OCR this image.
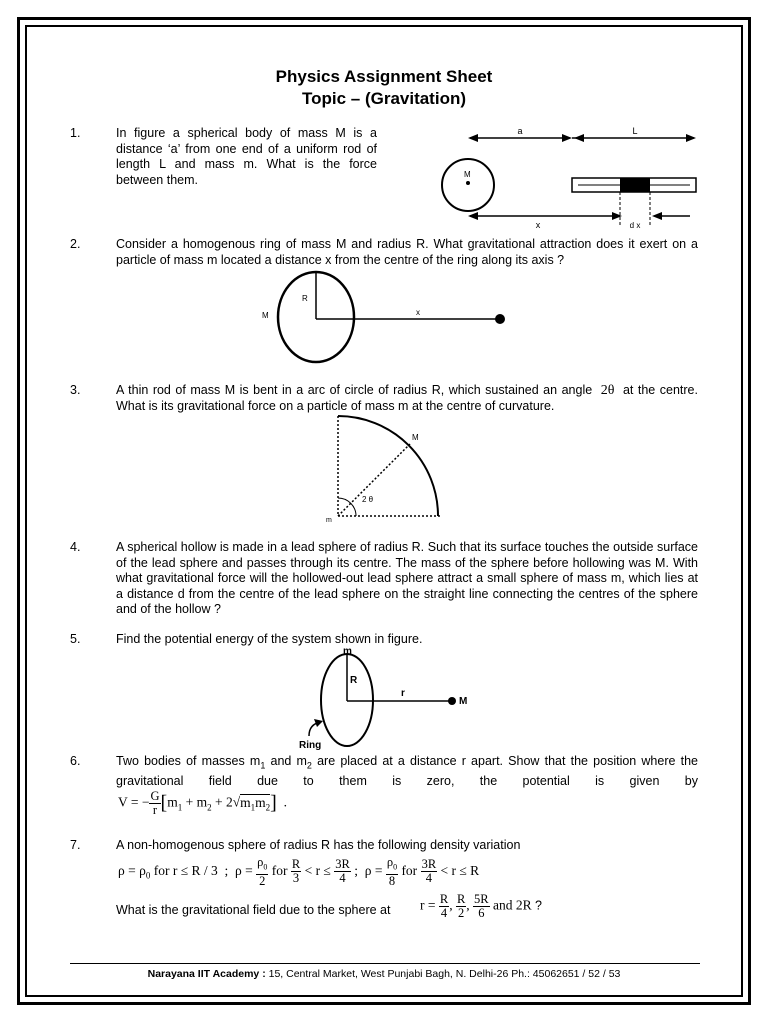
Physics Assignment Sheet
Topic – (Gravitation)
1.	In figure a spherical body of mass M is a distance ‘a’ from one end of a uniform rod of length L and mass m. What is the force between them.
a	L
M
x	d x
2.	Consider a homogenous ring of mass M and radius R. What gravitational attraction does it exert on a particle of mass m located a distance x from the centre of the ring along its axis ?
R
M	x
3.	A thin rod of mass M is bent in a arc of circle of radius R, which sustained an angle 2θ at the centre. What is its gravitational force on a particle of mass m at the centre of curvature.
M
m
2 θ
4.	A spherical hollow is made in a lead sphere of radius R. Such that its surface touches the outside surface of the lead sphere and passes through its centre. The mass of the sphere before hollowing was M. With what gravitational force will the hollowed-out lead sphere attract a small sphere of mass m, which lies at a distance d from the centre of the lead sphere on the straight line connecting the centres of the sphere and of the hollow ?
5.	Find the potential energy of the system shown in figure.
m
R
r
M
Ring
6.	Two bodies of masses $m_1$ and $m_2$ are placed at a distance r apart. Show that the position where the gravitational field due to them is zero, the potential is given by
V = − $\frac{G}{r} [m_1 + m_2 + 2√m_1m_2]$  .
7.	A non-homogenous sphere of radius R has the following density variation
$\rho = \rho_0$ for r ≤ R / 3  ;  $\rho = \frac{\rho_0}{2}$ for $\frac{R}{3} < r \le \frac{3R}{4}$ ;  $\rho = \frac{\rho_0}{8}$ for $\frac{3R}{4} < r \le R$
What is the gravitational field due to the sphere at $r = \frac{R}{4}$ , $\frac{R}{2}$ , $\frac{5R}{6}$ and 2R ?
Narayana IIT Academy : 15, Central Market, West Punjabi Bagh, N. Delhi-26 Ph.: 45062651 / 52 / 53
